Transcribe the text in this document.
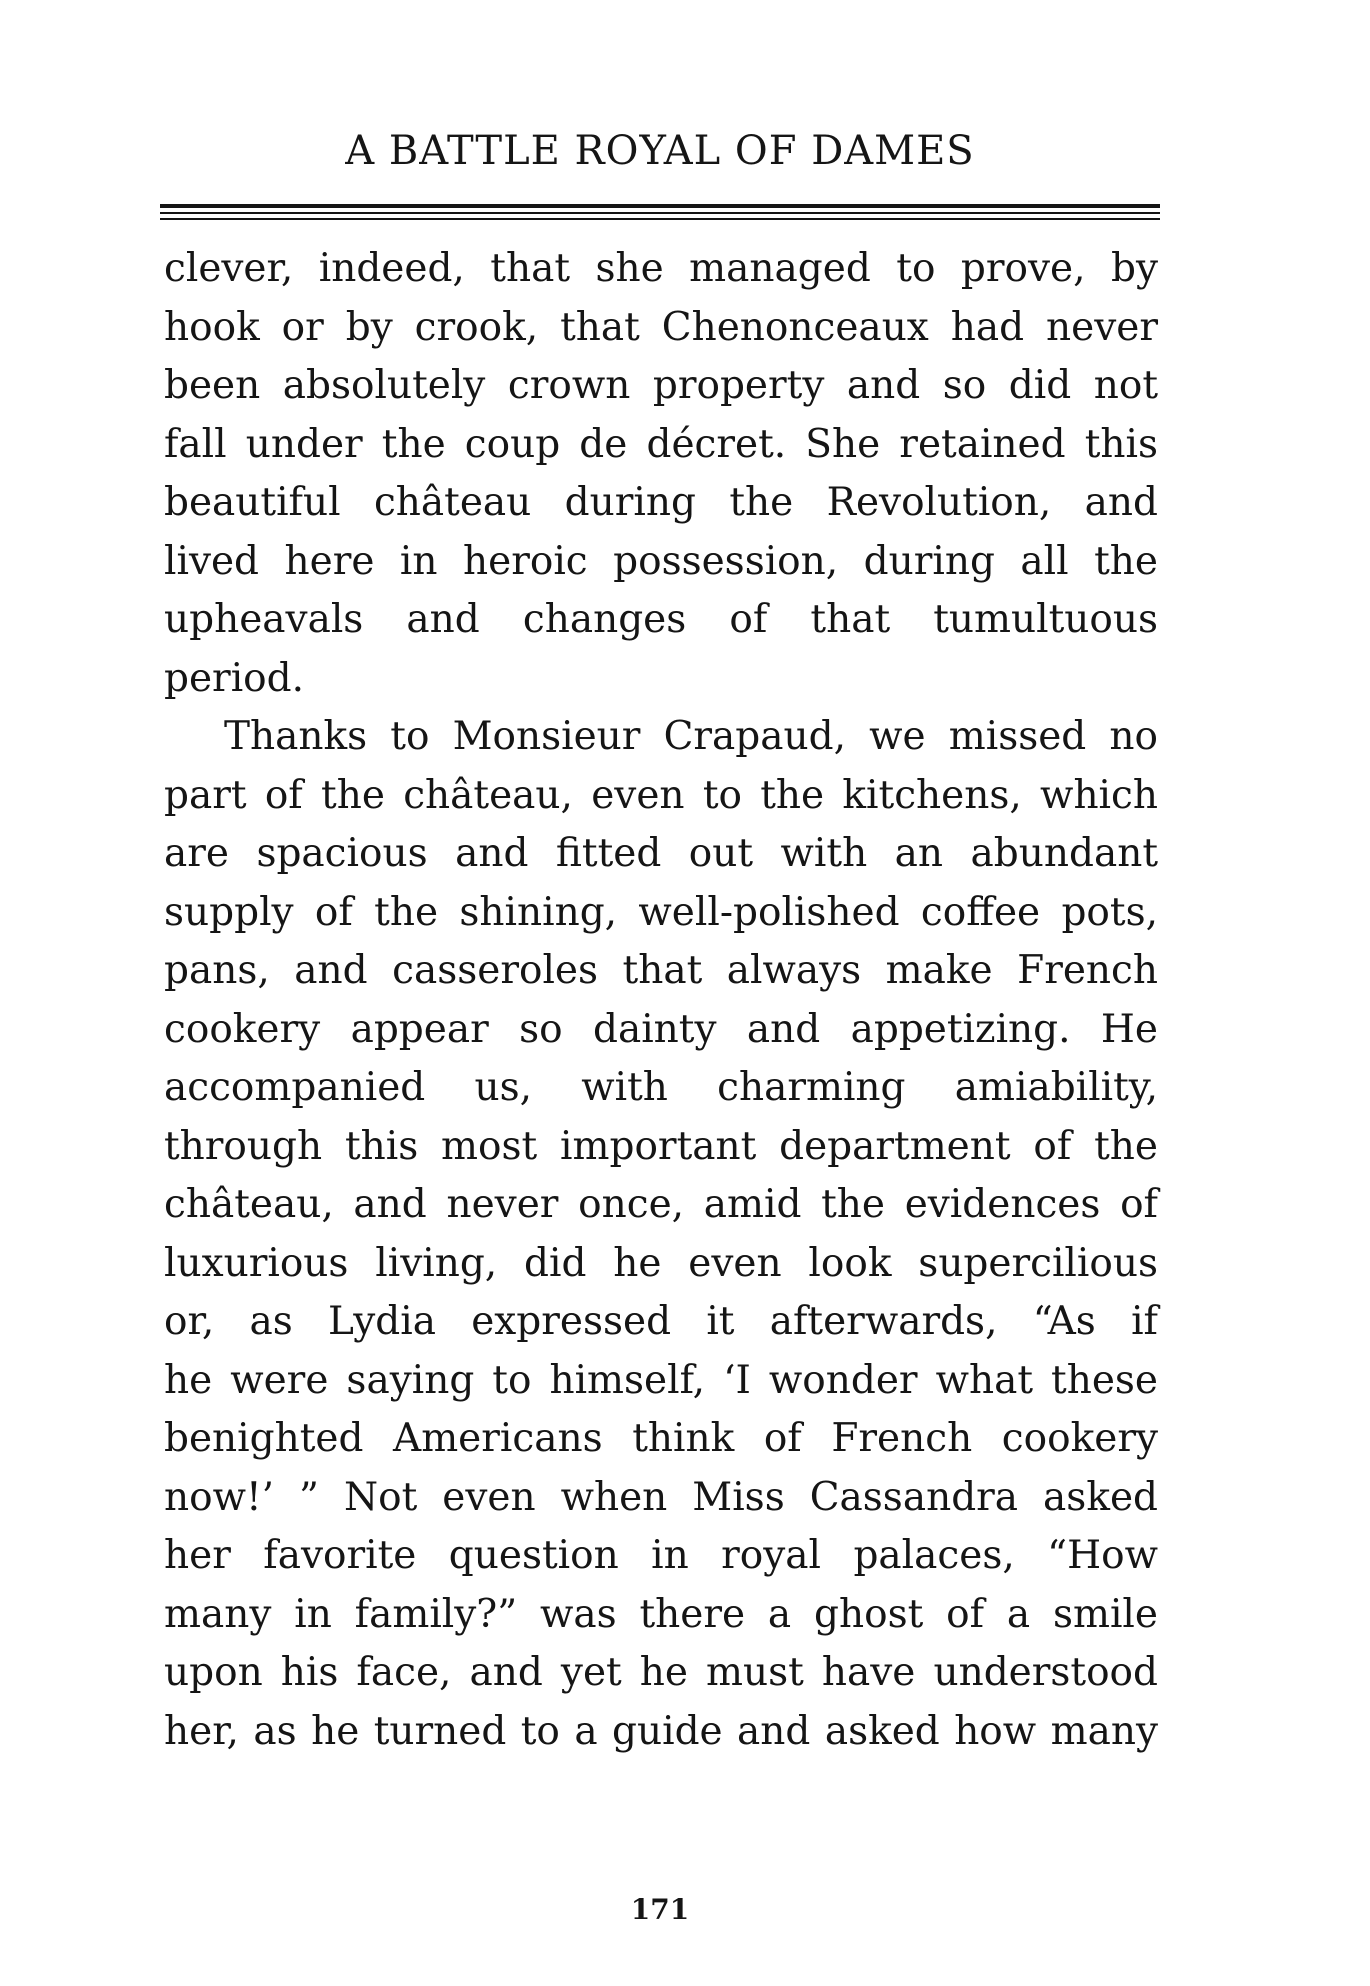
A BATTLE ROYAL OF DAMES
clever, indeed, that she managed to prove, by
hook or by crook, that Chenonceaux had never
been absolutely crown property and so did not
fall under the coup de décret. She retained this
beautiful château during the Revolution, and
lived here in heroic possession, during all the
upheavals and changes of that tumultuous
period.
Thanks to Monsieur Crapaud, we missed no
part of the château, even to the kitchens, which
are spacious and fitted out with an abundant
supply of the shining, well-polished coffee pots,
pans, and casseroles that always make French
cookery appear so dainty and appetizing. He
accompanied us, with charming amiability,
through this most important department of the
château, and never once, amid the evidences of
luxurious living, did he even look supercilious
or, as Lydia expressed it afterwards, “As if
he were saying to himself, ‘I wonder what these
benighted Americans think of French cookery
now!’ ” Not even when Miss Cassandra asked
her favorite question in royal palaces, “How
many in family?” was there a ghost of a smile
upon his face, and yet he must have understood
her, as he turned to a guide and asked how many
171
